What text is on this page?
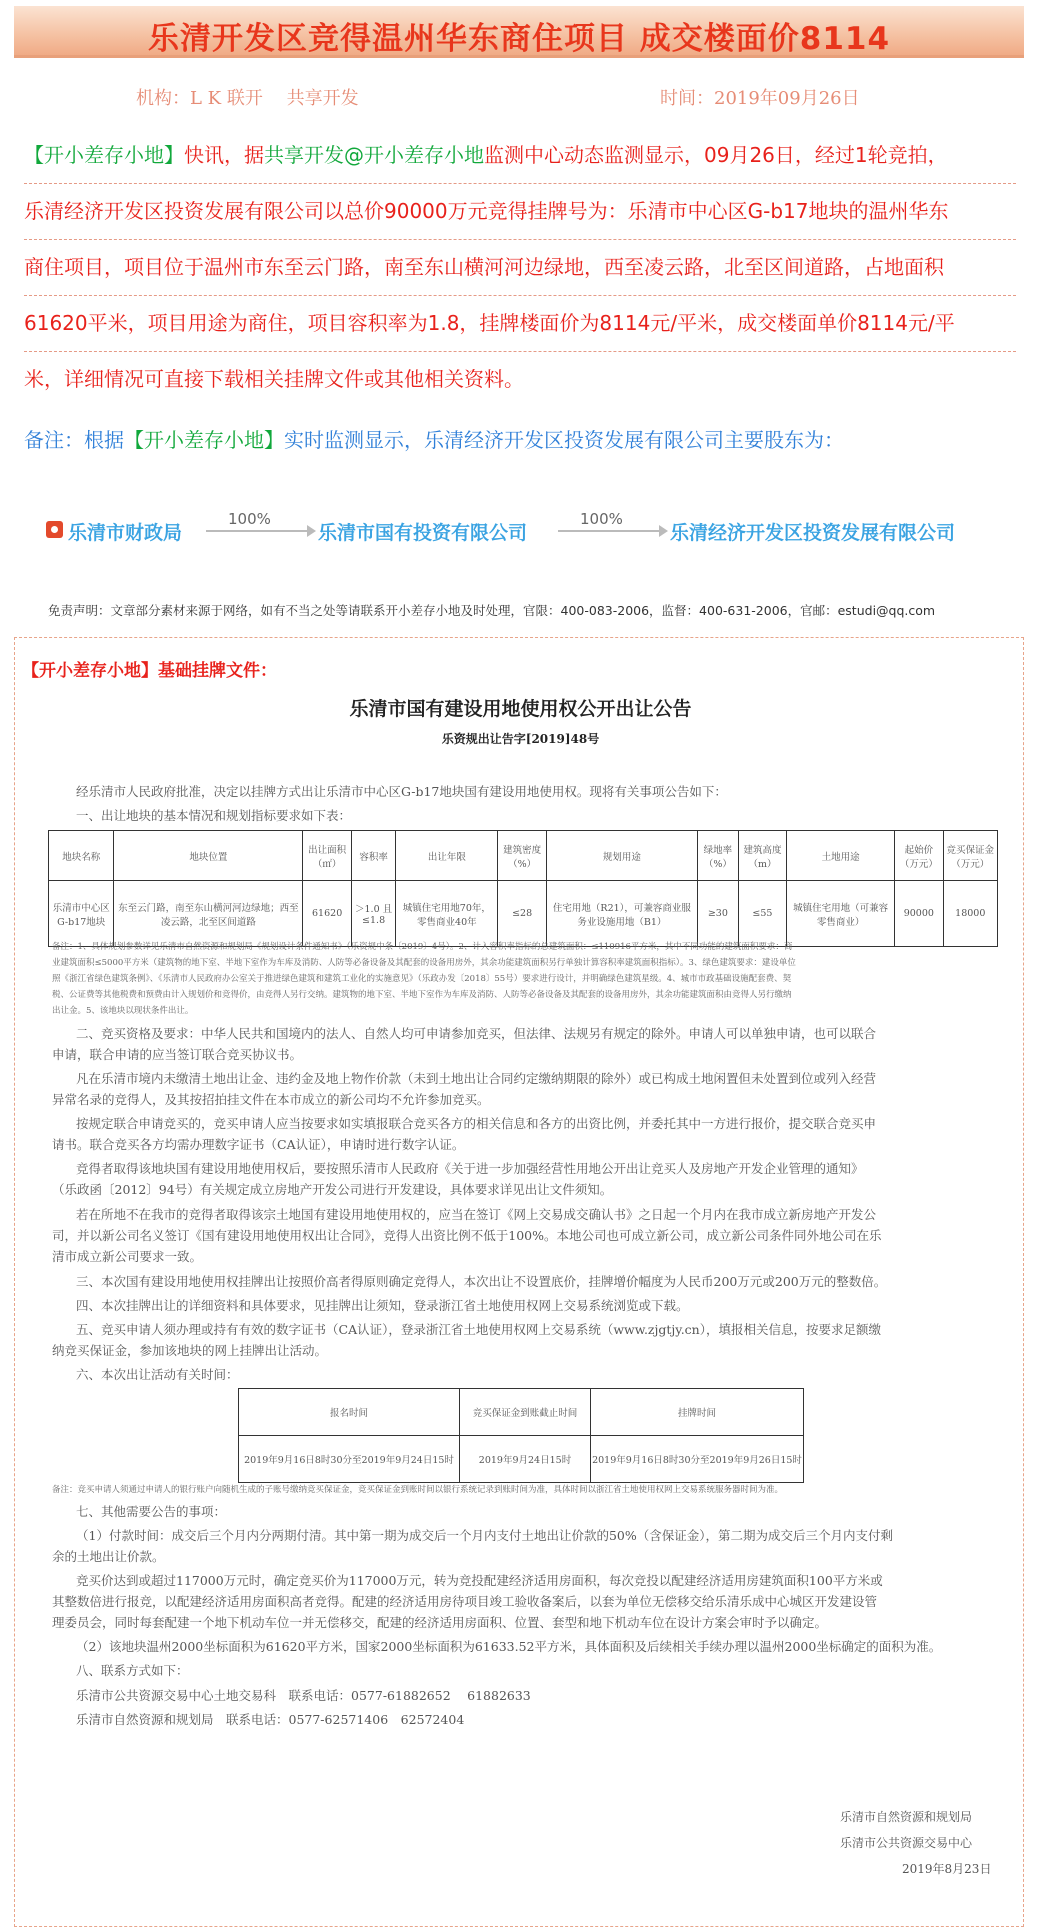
乐清开发区竞得温州华东商住项目 成交楼面价8114
机构：L K 联开　 共享开发	时间：2019年09月26日
【开小差存小地】快讯，据共享开发@开小差存小地监测中心动态监测显示，09月26日，经过1轮竞拍，
乐清经济开发区投资发展有限公司以总价90000万元竞得挂牌号为：乐清市中心区G-b17地块的温州华东
商住项目，项目位于温州市东至云门路，南至东山横河河边绿地，西至凌云路，北至区间道路，占地面积
61620平米，项目用途为商住，项目容积率为1.8，挂牌楼面价为8114元/平米，成交楼面单价8114元/平
米，详细情况可直接下载相关挂牌文件或其他相关资料。
备注：根据【开小差存小地】实时监测显示，乐清经济开发区投资发展有限公司主要股东为：
乐清市财政局
100%
乐清市国有投资有限公司
100%
乐清经济开发区投资发展有限公司
免责声明：文章部分素材来源于网络，如有不当之处等请联系开小差存小地及时处理，官限：400-083-2006，监督：400-631-2006，官邮：estudi@qq.com
【开小差存小地】基础挂牌文件：
乐清市国有建设用地使用权公开出让公告
乐资规出让告字[2019]48号
经乐清市人民政府批准，决定以挂牌方式出让乐清市中心区G-b17地块国有建设用地使用权。现将有关事项公告如下：
一、出让地块的基本情况和规划指标要求如下表：
地块名称	地块位置	出让面积（㎡）	容积率	出让年限	建筑密度（%）	规划用途	绿地率（%）	建筑高度（m）	土地用途	起始价（万元）	竞买保证金（万元）
乐清市中心区G-b17地块	东至云门路，南至东山横河河边绿地；西至凌云路，北至区间道路	61620	＞1.0 且 ≤1.8	城镇住宅用地70年，零售商业40年	≤28	住宅用地（R21），可兼容商业服务业设施用地（B1）	≥30	≤55	城镇住宅用地（可兼容零售商业）	90000	18000
备注：1、具体规划参数详见乐清市自然资源和规划局《规划设计条件通知书》（乐资规中条〔2019〕4号）。2、计入容积率指标的总建筑面积：≤110916平方米，其中不同功能的建筑面积要求：商
业建筑面积≤5000平方米（建筑物的地下室、半地下室作为车库及消防、人防等必备设备及其配套的设备用房外，其余功能建筑面积另行单独计算容积率建筑面积指标）。3、绿色建筑要求：建设单位
照《浙江省绿色建筑条例》、《乐清市人民政府办公室关于推进绿色建筑和建筑工业化的实施意见》（乐政办发〔2018〕55号）要求进行设计，并明确绿色建筑星级。4、城市市政基础设施配套费、契
税、公证费等其他税费和预费由计入规划价和竞得价，由竞得人另行交纳。建筑物的地下室、半地下室作为车库及消防、人防等必备设备及其配套的设备用房外，其余功能建筑面积由竞得人另行缴纳
出让金。5、该地块以现状条件出让。
二、竞买资格及要求：中华人民共和国境内的法人、自然人均可申请参加竞买，但法律、法规另有规定的除外。申请人可以单独申请，也可以联合
申请，联合申请的应当签订联合竞买协议书。
凡在乐清市境内未缴清土地出让金、违约金及地上物作价款（未到土地出让合同约定缴纳期限的除外）或已构成土地闲置但未处置到位或列入经营
异常名录的竞得人，及其按招拍挂文件在本市成立的新公司均不允许参加竞买。
按规定联合申请竞买的，竞买申请人应当按要求如实填报联合竞买各方的相关信息和各方的出资比例，并委托其中一方进行报价，提交联合竞买申
请书。联合竞买各方均需办理数字证书（CA认证），申请时进行数字认证。
竞得者取得该地块国有建设用地使用权后，要按照乐清市人民政府《关于进一步加强经营性用地公开出让竞买人及房地产开发企业管理的通知》
（乐政函〔2012〕94号）有关规定成立房地产开发公司进行开发建设，具体要求详见出让文件须知。
若在所地不在我市的竞得者取得该宗土地国有建设用地使用权的，应当在签订《网上交易成交确认书》之日起一个月内在我市成立新房地产开发公
司，并以新公司名义签订《国有建设用地使用权出让合同》，竞得人出资比例不低于100%。本地公司也可成立新公司，成立新公司条件同外地公司在乐
清市成立新公司要求一致。
三、本次国有建设用地使用权挂牌出让按照价高者得原则确定竞得人，本次出让不设置底价，挂牌增价幅度为人民币200万元或200万元的整数倍。
四、本次挂牌出让的详细资料和具体要求，见挂牌出让须知，登录浙江省土地使用权网上交易系统浏览或下载。
五、竞买申请人须办理或持有有效的数字证书（CA认证），登录浙江省土地使用权网上交易系统（www.zjgtjy.cn），填报相关信息，按要求足额缴
纳竞买保证金，参加该地块的网上挂牌出让活动。
六、本次出让活动有关时间：
报名时间	竞买保证金到账截止时间	挂牌时间
2019年9月16日8时30分至2019年9月24日15时	2019年9月24日15时	2019年9月16日8时30分至2019年9月26日15时
备注：竞买申请人须通过申请人的银行账户向随机生成的子账号缴纳竞买保证金，竞买保证金到账时间以银行系统记录到账时间为准，具体时间以浙江省土地使用权网上交易系统服务器时间为准。
七、其他需要公告的事项：
（1）付款时间：成交后三个月内分两期付清。其中第一期为成交后一个月内支付土地出让价款的50%（含保证金），第二期为成交后三个月内支付剩
余的土地出让价款。
竞买价达到或超过117000万元时，确定竞买价为117000万元，转为竞投配建经济适用房面积，每次竞投以配建经济适用房建筑面积100平方米或
其整数倍进行报竞，以配建经济适用房面积高者竞得。配建的经济适用房待项目竣工验收备案后，以套为单位无偿移交给乐清乐成中心城区开发建设管
理委员会，同时每套配建一个地下机动车位一并无偿移交，配建的经济适用房面积、位置、套型和地下机动车位在设计方案会审时予以确定。
（2）该地块温州2000坐标面积为61620平方米，国家2000坐标面积为61633.52平方米，具体面积及后续相关手续办理以温州2000坐标确定的面积为准。
八、联系方式如下：
乐清市公共资源交易中心土地交易科　联系电话：0577-61882652　 61882633
乐清市自然资源和规划局　联系电话：0577-62571406　62572404
乐清市自然资源和规划局
乐清市公共资源交易中心
2019年8月23日
